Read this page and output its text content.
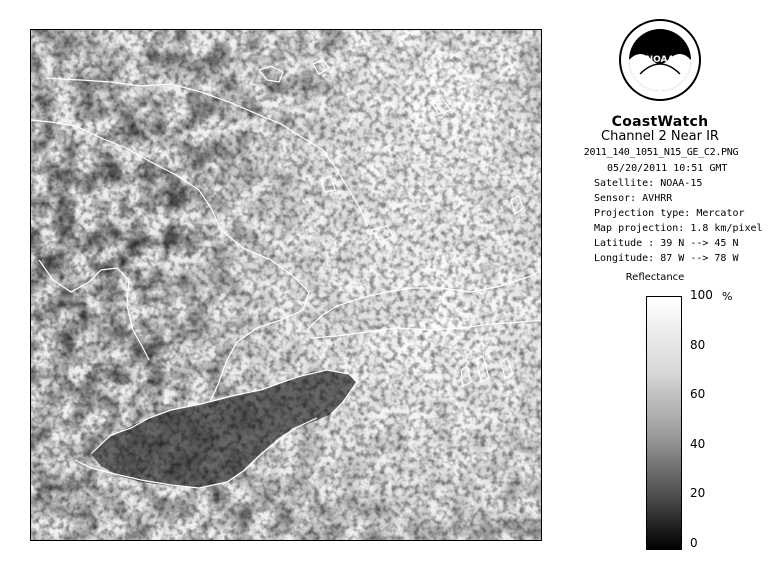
NOAA
CoastWatch
Channel 2 Near IR
2011_140_1051_N15_GE_C2.PNG
05/20/2011 10:51 GMT
Satellite: NOAA-15
Sensor: AVHRR
Projection type: Mercator
Map projection: 1.8 km/pixel
Latitude : 39 N --> 45 N
Longitude: 87 W --> 78 W
Reflectance
%
100
80
60
40
20
0
